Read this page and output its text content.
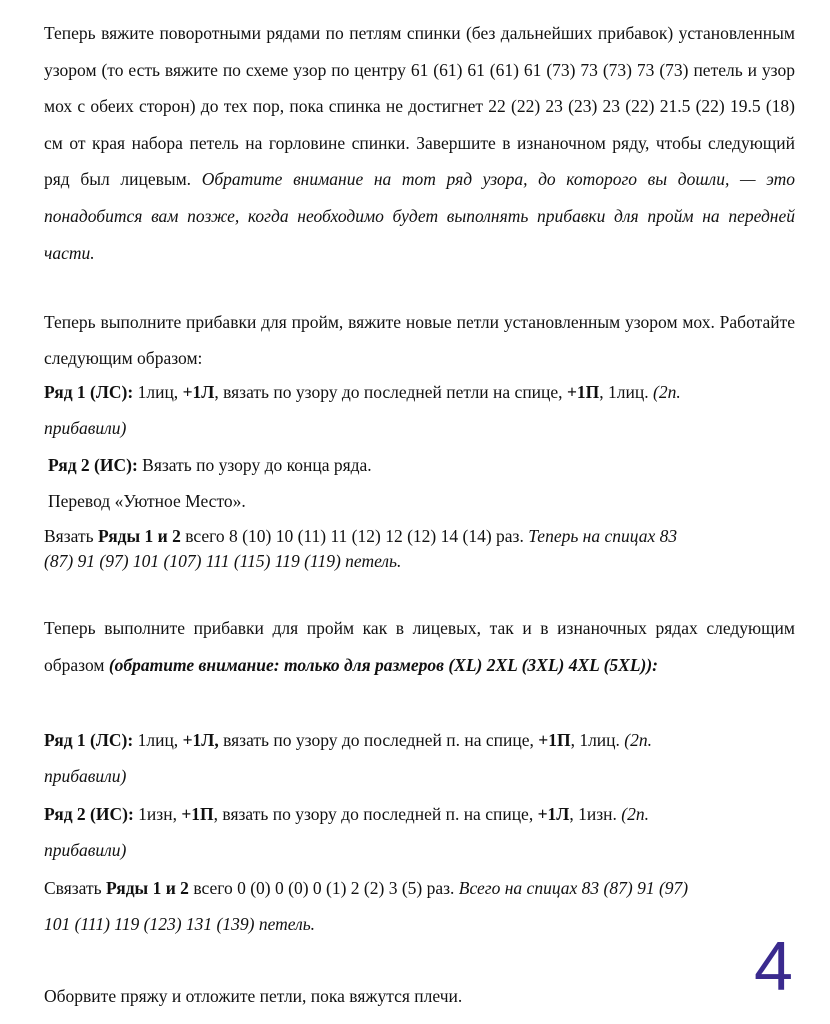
Теперь вяжите поворотными рядами по петлям спинки (без дальнейших прибавок) установленным узором (то есть вяжите по схеме узор по центру 61 (61) 61 (61) 61 (73) 73 (73) 73 (73) петель и узор мох с обеих сторон) до тех пор, пока спинка не достигнет 22 (22) 23 (23) 23 (22) 21.5 (22) 19.5 (18) см от края набора петель на горловине спинки. Завершите в изнаночном ряду, чтобы следующий ряд был лицевым. Обратите внимание на тот ряд узора, до которого вы дошли, — это понадобится вам позже, когда необходимо будет выполнять прибавки для пройм на передней части.
Теперь выполните прибавки для пройм, вяжите новые петли установленным узором мох. Работайте следующим образом:
Ряд 1 (ЛС): 1лиц, +1Л, вязать по узору до последней петли на спице, +1П, 1лиц. (2п.
прибавили)
Ряд 2 (ИС): Вязать по узору до конца ряда.
Перевод «Уютное Место».
Вязать Ряды 1 и 2 всего 8 (10) 10 (11) 11 (12) 12 (12) 14 (14) раз. Теперь на спицах 83
(87) 91 (97) 101 (107) 111 (115) 119 (119) петель.
Теперь выполните прибавки для пройм как в лицевых, так и в изнаночных рядах следующим образом (обратите внимание: только для размеров (XL) 2XL (3XL) 4XL (5XL)):
Ряд 1 (ЛС): 1лиц, +1Л, вязать по узору до последней п. на спице, +1П, 1лиц. (2п.
прибавили)
Ряд 2 (ИС): 1изн, +1П, вязать по узору до последней п. на спице, +1Л, 1изн. (2п.
прибавили)
Связать Ряды 1 и 2 всего 0 (0) 0 (0) 0 (1) 2 (2) 3 (5) раз. Всего на спицах 83 (87) 91 (97)
101 (111) 119 (123) 131 (139) петель.
Оборвите пряжу и отложите петли, пока вяжутся плечи.	4
